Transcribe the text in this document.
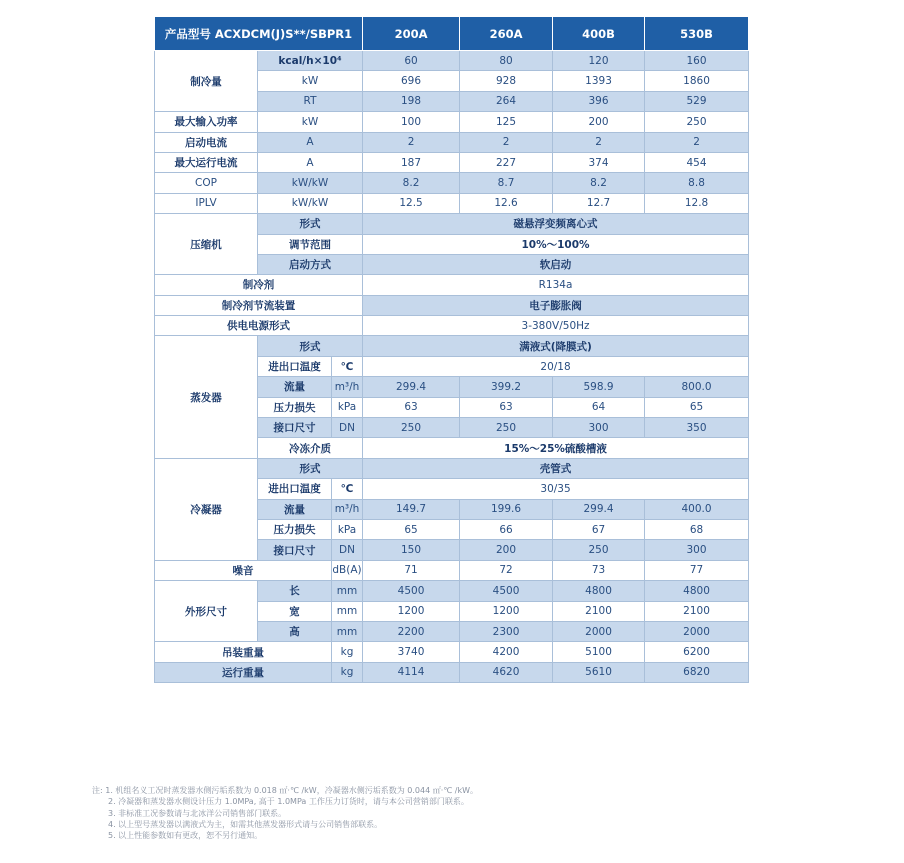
产品型号 ACXDCM(J)S**/SBPR1			200A	260A	400B	530B
制冷量	kcal/h×10⁴		60	80	120	160
	kW		696	928	1393	1860
	RT		198	264	396	529
最大输入功率	kW		100	125	200	250
启动电流	A		2	2	2	2
最大运行电流	A		187	227	374	454
COP	kW/kW		8.2	8.7	8.2	8.8
IPLV	kW/kW		12.5	12.6	12.7	12.8
压缩机	形式		磁悬浮变频离心式			
	调节范围		10%～100%			
	启动方式		软启动			
制冷剂			R134a			
制冷剂节流装置			电子膨胀阀			
供电电源形式			3-380V/50Hz			
蒸发器	形式		满液式(降膜式)			
	进出口温度	℃	20/18			
	流量	m³/h	299.4	399.2	598.9	800.0
	压力损失	kPa	63	63	64	65
	接口尺寸	DN	250	250	300	350
	冷冻介质		15%～25%硫酸槽液			
冷凝器	形式		壳管式			
	进出口温度	℃	30/35			
	流量	m³/h	149.7	199.6	299.4	400.0
	压力损失	kPa	65	66	67	68
	接口尺寸	DN	150	200	250	300
噪音		dB(A)	71	72	73	77
外形尺寸	长	mm	4500	4500	4800	4800
	宽	mm	1200	1200	2100	2100
	高	mm	2200	2300	2000	2000
吊装重量		kg	3740	4200	5100	6200
运行重量		kg	4114	4620	5610	6820
注: 1. 机组名义工况时蒸发器水侧污垢系数为 0.018 ㎡·℃ /kW，冷凝器水侧污垢系数为 0.044 ㎡·℃ /kW。
2. 冷凝器和蒸发器水侧设计压力 1.0MPa, 高于 1.0MPa 工作压力订货时，请与本公司营销部门联系。
3. 非标准工况参数请与北冰洋公司销售部门联系。
4. 以上型号蒸发器以满液式为主，如需其他蒸发器形式请与公司销售部联系。
5. 以上性能参数如有更改，恕不另行通知。
